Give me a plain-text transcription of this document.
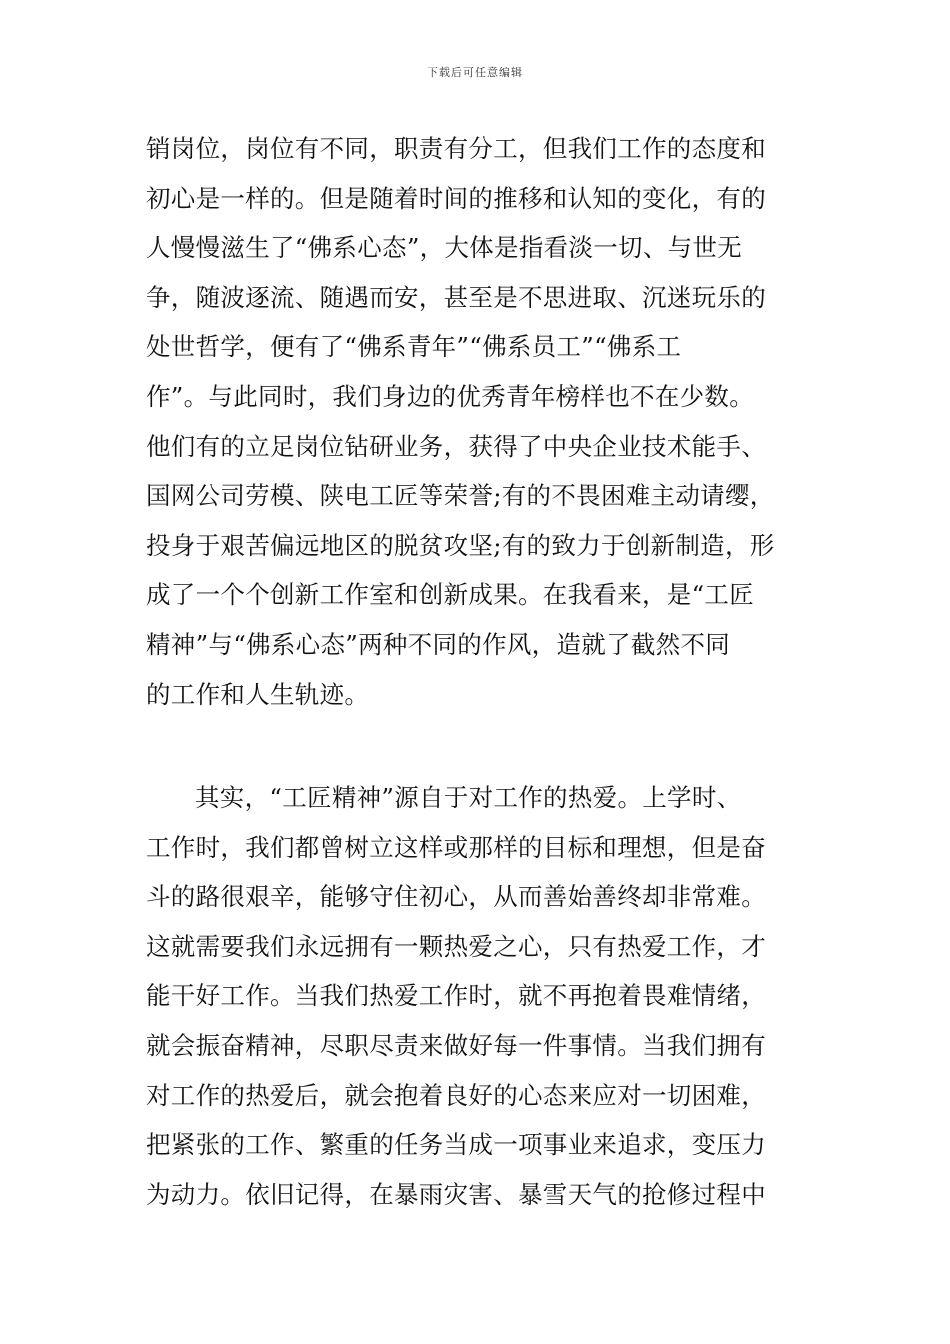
下载后可任意编辑
销岗位，岗位有不同，职责有分工，但我们工作的态度和
初心是一样的。但是随着时间的推移和认知的变化，有的
人慢慢滋生了“佛系心态”，大体是指看淡一切、与世无
争，随波逐流、随遇而安，甚至是不思进取、沉迷玩乐的
处世哲学，便有了“佛系青年”“佛系员工”“佛系工
作”。与此同时，我们身边的优秀青年榜样也不在少数。
他们有的立足岗位钻研业务，获得了中央企业技术能手、
国网公司劳模、陕电工匠等荣誉;有的不畏困难主动请缨，
投身于艰苦偏远地区的脱贫攻坚;有的致力于创新制造，形
成了一个个创新工作室和创新成果。在我看来，是“工匠
精神”与“佛系心态”两种不同的作风，造就了截然不同
的工作和人生轨迹。
其实，“工匠精神”源自于对工作的热爱。上学时、
工作时，我们都曾树立这样或那样的目标和理想，但是奋
斗的路很艰辛，能够守住初心，从而善始善终却非常难。
这就需要我们永远拥有一颗热爱之心，只有热爱工作，才
能干好工作。当我们热爱工作时，就不再抱着畏难情绪，
就会振奋精神，尽职尽责来做好每一件事情。当我们拥有
对工作的热爱后，就会抱着良好的心态来应对一切困难，
把紧张的工作、繁重的任务当成一项事业来追求，变压力
为动力。依旧记得，在暴雨灾害、暴雪天气的抢修过程中
